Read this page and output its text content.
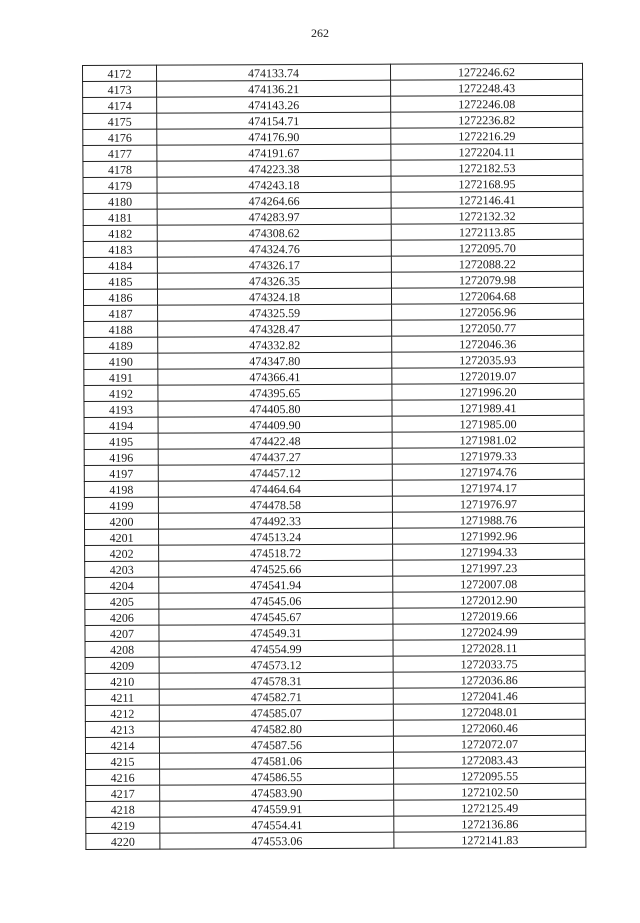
262
4172	474133.74	1272246.62
4173	474136.21	1272248.43
4174	474143.26	1272246.08
4175	474154.71	1272236.82
4176	474176.90	1272216.29
4177	474191.67	1272204.11
4178	474223.38	1272182.53
4179	474243.18	1272168.95
4180	474264.66	1272146.41
4181	474283.97	1272132.32
4182	474308.62	1272113.85
4183	474324.76	1272095.70
4184	474326.17	1272088.22
4185	474326.35	1272079.98
4186	474324.18	1272064.68
4187	474325.59	1272056.96
4188	474328.47	1272050.77
4189	474332.82	1272046.36
4190	474347.80	1272035.93
4191	474366.41	1272019.07
4192	474395.65	1271996.20
4193	474405.80	1271989.41
4194	474409.90	1271985.00
4195	474422.48	1271981.02
4196	474437.27	1271979.33
4197	474457.12	1271974.76
4198	474464.64	1271974.17
4199	474478.58	1271976.97
4200	474492.33	1271988.76
4201	474513.24	1271992.96
4202	474518.72	1271994.33
4203	474525.66	1271997.23
4204	474541.94	1272007.08
4205	474545.06	1272012.90
4206	474545.67	1272019.66
4207	474549.31	1272024.99
4208	474554.99	1272028.11
4209	474573.12	1272033.75
4210	474578.31	1272036.86
4211	474582.71	1272041.46
4212	474585.07	1272048.01
4213	474582.80	1272060.46
4214	474587.56	1272072.07
4215	474581.06	1272083.43
4216	474586.55	1272095.55
4217	474583.90	1272102.50
4218	474559.91	1272125.49
4219	474554.41	1272136.86
4220	474553.06	1272141.83
